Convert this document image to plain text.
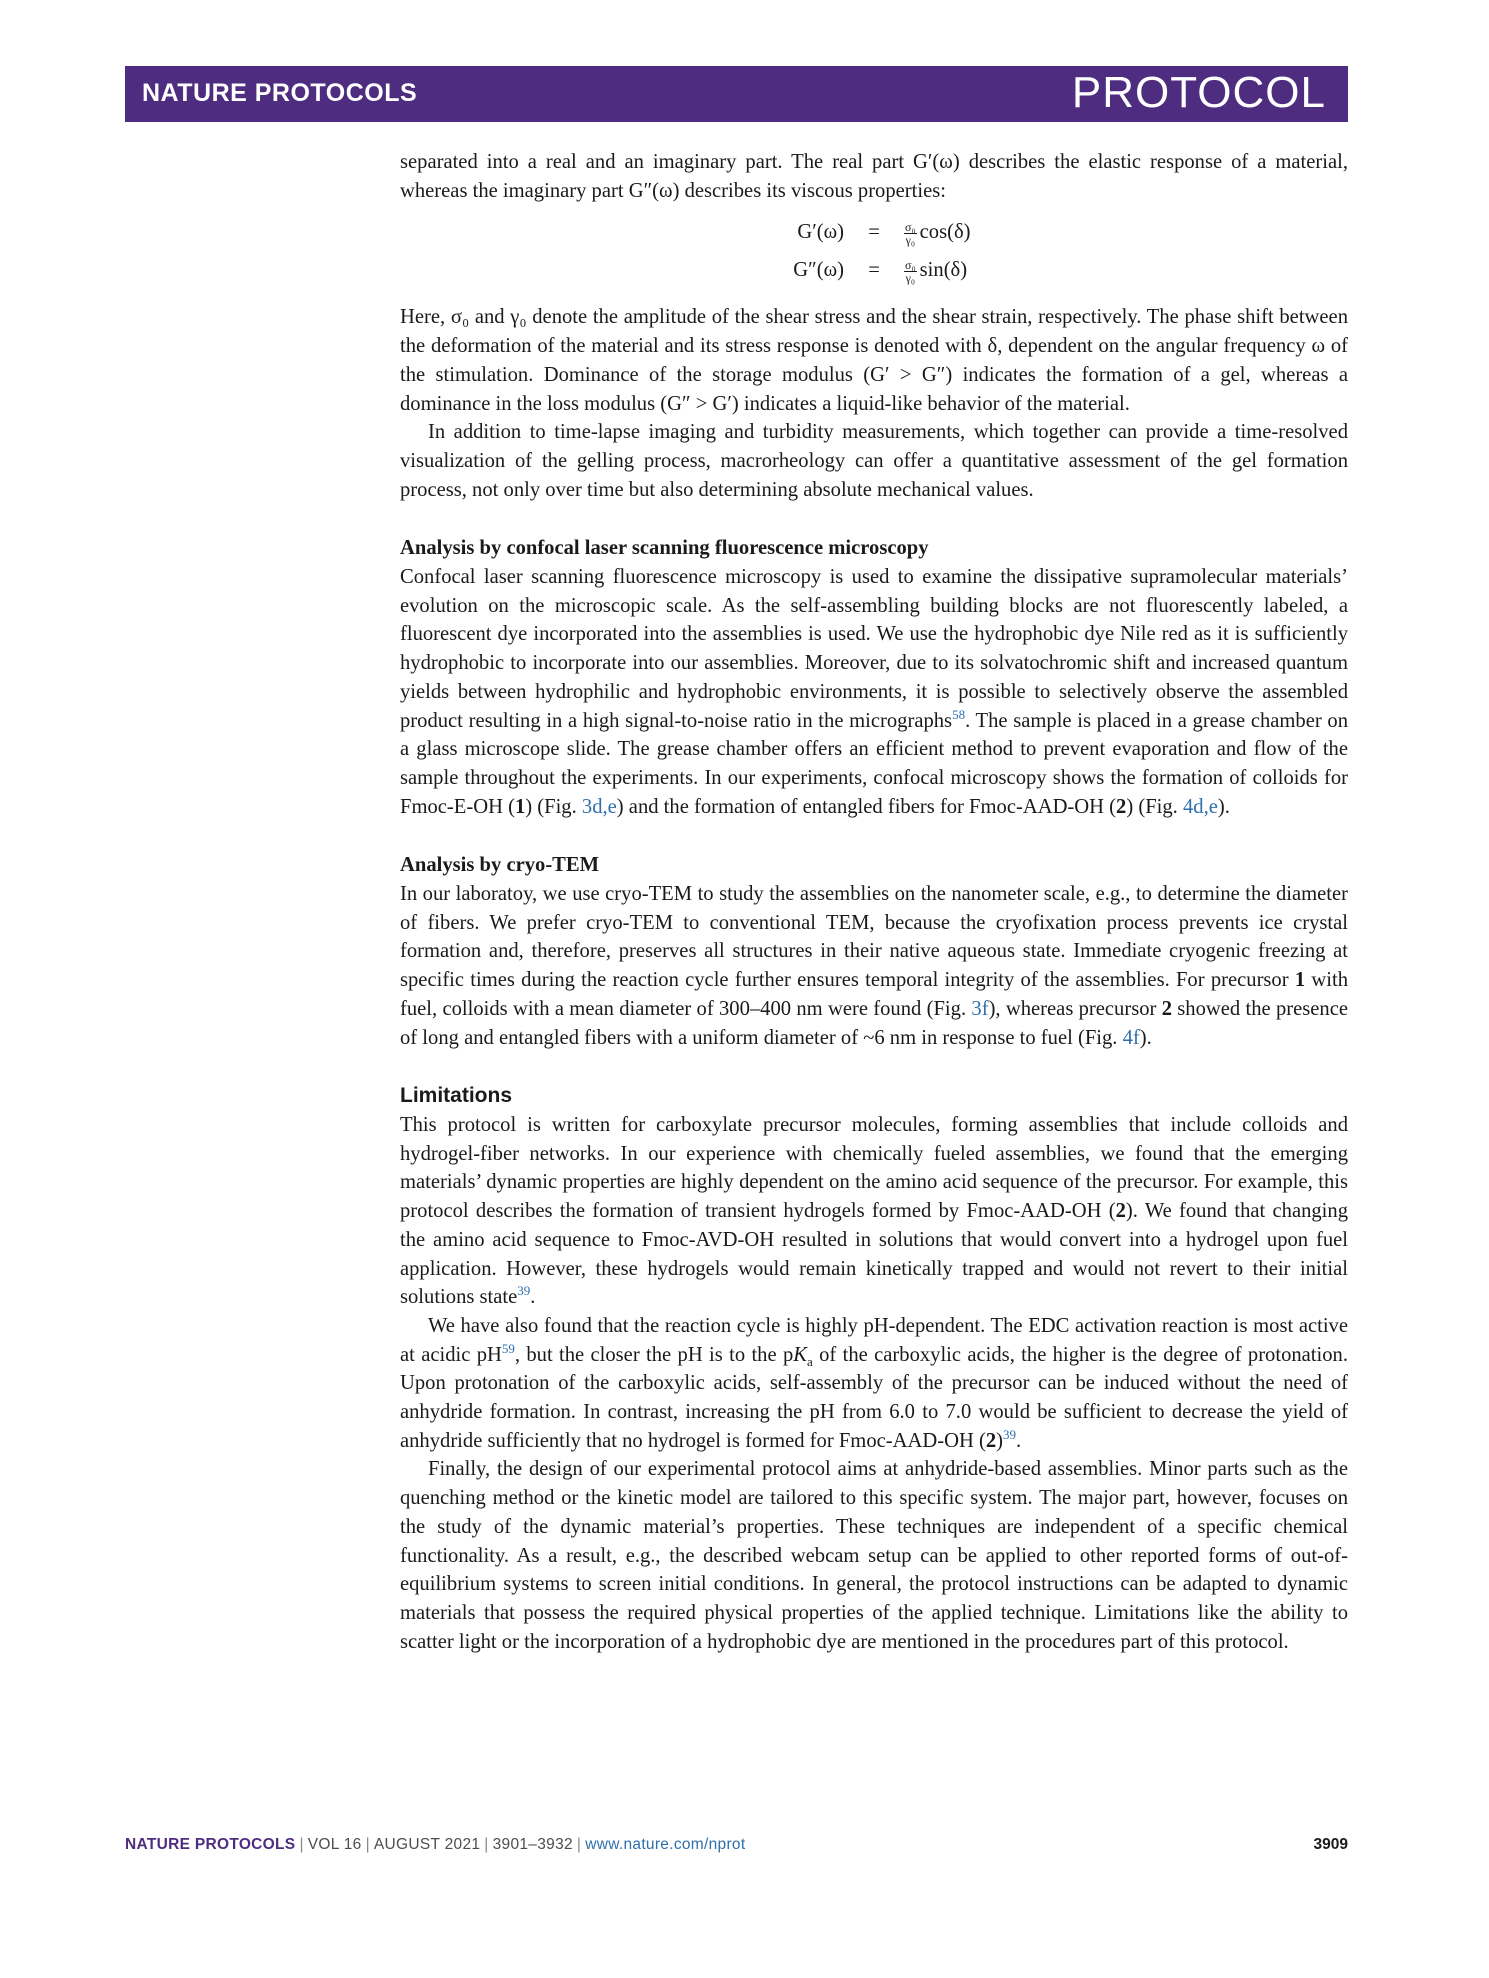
NATURE PROTOCOLS	PROTOCOL

separated into a real and an imaginary part. The real part G′(ω) describes the elastic response of a material, whereas the imaginary part G″(ω) describes its viscous properties:

G′(ω)	=	$\frac{\text{σ₀}}{\text{γ₀}} \cos(\delta)$
G″(ω)	=	$\frac{\text{σ₀}}{\text{γ₀}} \sin(\delta)$

Here, σ₀ and γ₀ denote the amplitude of the shear stress and the shear strain, respectively. The phase shift between the deformation of the material and its stress response is denoted with δ, dependent on the angular frequency ω of the stimulation. Dominance of the storage modulus (G′ > G″) indicates the formation of a gel, whereas a dominance in the loss modulus (G″ > G′) indicates a liquid-like behavior of the material.

In addition to time-lapse imaging and turbidity measurements, which together can provide a time-resolved visualization of the gelling process, macrorheology can offer a quantitative assessment of the gel formation process, not only over time but also determining absolute mechanical values.

Analysis by confocal laser scanning fluorescence microscopy

Confocal laser scanning fluorescence microscopy is used to examine the dissipative supramolecular materials’ evolution on the microscopic scale. As the self-assembling building blocks are not fluorescently labeled, a fluorescent dye incorporated into the assemblies is used. We use the hydrophobic dye Nile red as it is sufficiently hydrophobic to incorporate into our assemblies. Moreover, due to its solvatochromic shift and increased quantum yields between hydrophilic and hydrophobic environments, it is possible to selectively observe the assembled product resulting in a high signal-to-noise ratio in the micrographs$^{58}$. The sample is placed in a grease chamber on a glass microscope slide. The grease chamber offers an efficient method to prevent evaporation and flow of the sample throughout the experiments. In our experiments, confocal microscopy shows the formation of colloids for Fmoc-E-OH (1) (Fig. 3d,e) and the formation of entangled fibers for Fmoc-AAD-OH (2) (Fig. 4d,e).

Analysis by cryo-TEM

In our laboratoy, we use cryo-TEM to study the assemblies on the nanometer scale, e.g., to determine the diameter of fibers. We prefer cryo-TEM to conventional TEM, because the cryofixation process prevents ice crystal formation and, therefore, preserves all structures in their native aqueous state. Immediate cryogenic freezing at specific times during the reaction cycle further ensures temporal integrity of the assemblies. For precursor 1 with fuel, colloids with a mean diameter of 300–400 nm were found (Fig. 3f), whereas precursor 2 showed the presence of long and entangled fibers with a uniform diameter of ~6 nm in response to fuel (Fig. 4f).

Limitations

This protocol is written for carboxylate precursor molecules, forming assemblies that include colloids and hydrogel-fiber networks. In our experience with chemically fueled assemblies, we found that the emerging materials’ dynamic properties are highly dependent on the amino acid sequence of the precursor. For example, this protocol describes the formation of transient hydrogels formed by Fmoc-AAD-OH (2). We found that changing the amino acid sequence to Fmoc-AVD-OH resulted in solutions that would convert into a hydrogel upon fuel application. However, these hydrogels would remain kinetically trapped and would not revert to their initial solutions state$^{39}$.

We have also found that the reaction cycle is highly pH-dependent. The EDC activation reaction is most active at acidic pH$^{59}$, but the closer the pH is to the $pK_a$ of the carboxylic acids, the higher is the degree of protonation. Upon protonation of the carboxylic acids, self-assembly of the precursor can be induced without the need of anhydride formation. In contrast, increasing the pH from 6.0 to 7.0 would be sufficient to decrease the yield of anhydride sufficiently that no hydrogel is formed for Fmoc-AAD-OH (2)$^{39}$.

Finally, the design of our experimental protocol aims at anhydride-based assemblies. Minor parts such as the quenching method or the kinetic model are tailored to this specific system. The major part, however, focuses on the study of the dynamic material’s properties. These techniques are independent of a specific chemical functionality. As a result, e.g., the described webcam setup can be applied to other reported forms of out-of-equilibrium systems to screen initial conditions. In general, the protocol instructions can be adapted to dynamic materials that possess the required physical properties of the applied technique. Limitations like the ability to scatter light or the incorporation of a hydrophobic dye are mentioned in the procedures part of this protocol.

NATURE PROTOCOLS | VOL 16 | AUGUST 2021 | 3901–3932 | www.nature.com/nprot	3909
